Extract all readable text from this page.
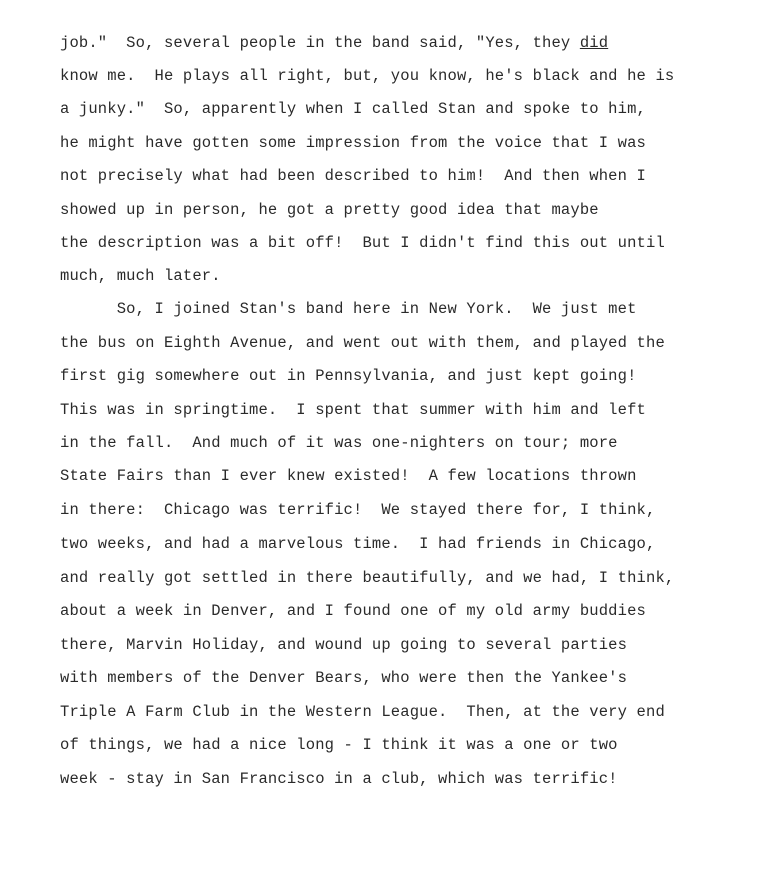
job."  So, several people in the band said, "Yes, they did
know me.  He plays all right, but, you know, he's black and he is
a junky."  So, apparently when I called Stan and spoke to him,
he might have gotten some impression from the voice that I was
not precisely what had been described to him!  And then when I
showed up in person, he got a pretty good idea that maybe
the description was a bit off!  But I didn't find this out until
much, much later.
So, I joined Stan's band here in New York.  We just met
the bus on Eighth Avenue, and went out with them, and played the
first gig somewhere out in Pennsylvania, and just kept going!
This was in springtime.  I spent that summer with him and left
in the fall.  And much of it was one-nighters on tour; more
State Fairs than I ever knew existed!  A few locations thrown
in there:  Chicago was terrific!  We stayed there for, I think,
two weeks, and had a marvelous time.  I had friends in Chicago,
and really got settled in there beautifully, and we had, I think,
about a week in Denver, and I found one of my old army buddies
there, Marvin Holiday, and wound up going to several parties
with members of the Denver Bears, who were then the Yankee's
Triple A Farm Club in the Western League.  Then, at the very end
of things, we had a nice long - I think it was a one or two
week - stay in San Francisco in a club, which was terrific!
